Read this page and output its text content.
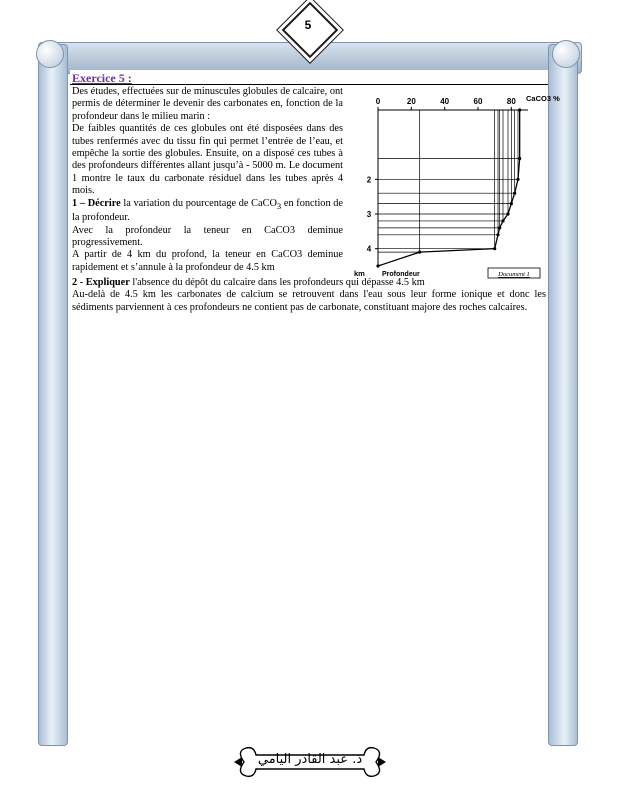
5
Exercice 5 :

Des études, effectuées sur de minuscules globules de calcaire, ont permis de déterminer le devenir des carbonates en, fonction de la profondeur dans le milieu marin :

De faibles quantités de ces globules ont été disposées dans des tubes renfermés avec du tissu fin qui permet l’entrée de l’eau, et empêche la sortie des globules. Ensuite, on a disposé ces tubes à des profondeurs différentes allant jusqu’à - 5000 m. Le document 1 montre le taux du carbonate résiduel dans les tubes après 4 mois.

1 – Décrire la variation du pourcentage de CaCO$_3$ en fonction de la profondeur.

Avec la profondeur la teneur en CaCO3 deminue progressivement.

A partir de 4 km du profond, la teneur en CaCO3 deminue rapidement et s’annule à la profondeur de 4.5 km

2 - Expliquer l'absence du dépôt du calcaire dans les profondeurs qui dépasse 4.5 km

Au-delà de 4.5 km les carbonates de calcium se retrouvent dans l'eau sous leur forme ionique et donc les sédiments parviennent à ces profondeurs ne contient pas de carbonate, constituant majore des roches calcaires.

0	20	40	60	80 CaCO3 %
2
3
4
km Profondeur	Document 1
ذ. عبد القادر اليامي
